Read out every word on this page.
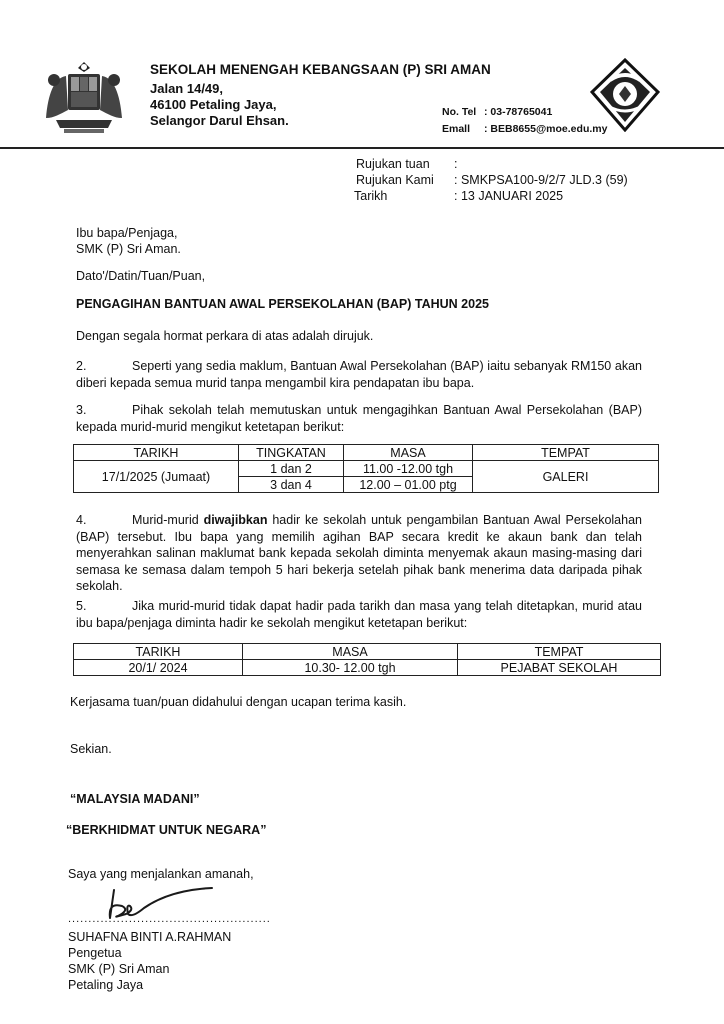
SEKOLAH MENENGAH KEBANGSAAN (P) SRI AMAN
Jalan 14/49,
46100 Petaling Jaya,
Selangor Darul Ehsan.
No. Tel : 03-78765041
Emall : BEB8655@moe.edu.my
Rujukan tuan :
Rujukan Kami : SMKPSA100-9/2/7 JLD.3 (59)
Tarikh	: 13 JANUARI 2025
Ibu bapa/Penjaga,
SMK (P) Sri Aman.
Dato'/Datin/Tuan/Puan,
PENGAGIHAN BANTUAN AWAL PERSEKOLAHAN (BAP) TAHUN 2025
Dengan segala hormat perkara di atas adalah dirujuk.
2.	Seperti yang sedia maklum, Bantuan Awal Persekolahan (BAP) iaitu sebanyak RM150 akan diberi kepada semua murid tanpa mengambil kira pendapatan ibu bapa.
3.	Pihak sekolah telah memutuskan untuk mengagihkan Bantuan Awal Persekolahan (BAP) kepada murid-murid mengikut ketetapan berikut:
TARIKH	TINGKATAN	MASA	TEMPAT
17/1/2025 (Jumaat)	1 dan 2	11.00 -12.00 tgh	GALERI
	3 dan 4	12.00 – 01.00 ptg	
4.	Murid-murid diwajibkan hadir ke sekolah untuk pengambilan Bantuan Awal Persekolahan (BAP) tersebut. Ibu bapa yang memilih agihan BAP secara kredit ke akaun bank dan telah menyerahkan salinan maklumat bank kepada sekolah diminta menyemak akaun masing-masing dari semasa ke semasa dalam tempoh 5 hari bekerja setelah pihak bank menerima data daripada pihak sekolah.
5.	Jika murid-murid tidak dapat hadir pada tarikh dan masa yang telah ditetapkan, murid atau ibu bapa/penjaga diminta hadir ke sekolah mengikut ketetapan berikut:
TARIKH	MASA	TEMPAT
20/1/ 2024	10.30- 12.00 tgh	PEJABAT SEKOLAH
Kerjasama tuan/puan didahului dengan ucapan terima kasih.
Sekian.
“MALAYSIA MADANI”
“BERKHIDMAT UNTUK NEGARA”
Saya yang menjalankan amanah,
..................................................
SUHAFNA BINTI A.RAHMAN
Pengetua
SMK (P) Sri Aman
Petaling Jaya
